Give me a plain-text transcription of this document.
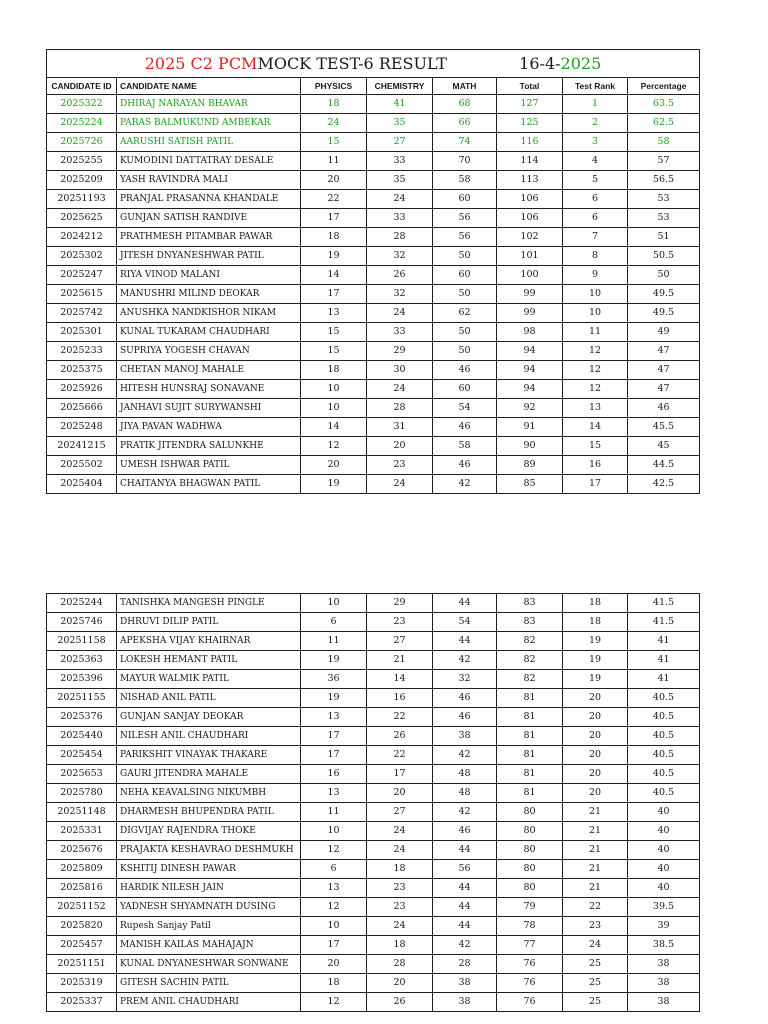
2025 C2 PCMMOCK TEST-6 RESULT 16-4-2025							
CANDIDATE ID	CANDIDATE NAME	PHYSICS	CHEMISTRY	MATH	Total	Test Rank	Percentage
2025322	DHIRAJ NARAYAN BHAVAR	18	41	68	127	1	63.5
2025224	PARAS BALMUKUND AMBEKAR	24	35	66	125	2	62.5
2025726	AARUSHI SATISH PATIL	15	27	74	116	3	58
2025255	KUMODINI DATTATRAY DESALE	11	33	70	114	4	57
2025209	YASH RAVINDRA MALI	20	35	58	113	5	56.5
20251193	PRANJAL PRASANNA KHANDALE	22	24	60	106	6	53
2025625	GUNJAN SATISH RANDIVE	17	33	56	106	6	53
2024212	PRATHMESH PITAMBAR PAWAR	18	28	56	102	7	51
2025302	JITESH DNYANESHWAR PATIL	19	32	50	101	8	50.5
2025247	RIYA VINOD MALANI	14	26	60	100	9	50
2025615	MANUSHRI MILIND DEOKAR	17	32	50	99	10	49.5
2025742	ANUSHKA NANDKISHOR NIKAM	13	24	62	99	10	49.5
2025301	KUNAL TUKARAM CHAUDHARI	15	33	50	98	11	49
2025233	SUPRIYA YOGESH CHAVAN	15	29	50	94	12	47
2025375	CHETAN MANOJ MAHALE	18	30	46	94	12	47
2025926	HITESH HUNSRAJ SONAVANE	10	24	60	94	12	47
2025666	JANHAVI SUJIT SURYWANSHI	10	28	54	92	13	46
2025248	JIYA PAVAN WADHWA	14	31	46	91	14	45.5
20241215	PRATIK JITENDRA SALUNKHE	12	20	58	90	15	45
2025502	UMESH ISHWAR PATIL	20	23	46	89	16	44.5
2025404	CHAITANYA BHAGWAN PATIL	19	24	42	85	17	42.5
2025244	TANISHKA MANGESH PINGLE	10	29	44	83	18	41.5
2025746	DHRUVI DILIP PATIL	6	23	54	83	18	41.5
20251158	APEKSHA VIJAY KHAIRNAR	11	27	44	82	19	41
2025363	LOKESH HEMANT PATIL	19	21	42	82	19	41
2025396	MAYUR WALMIK PATIL	36	14	32	82	19	41
20251155	NISHAD ANIL PATIL	19	16	46	81	20	40.5
2025376	GUNJAN SANJAY DEOKAR	13	22	46	81	20	40.5
2025440	NILESH ANIL CHAUDHARI	17	26	38	81	20	40.5
2025454	PARIKSHIT VINAYAK THAKARE	17	22	42	81	20	40.5
2025653	GAURI JITENDRA MAHALE	16	17	48	81	20	40.5
2025780	NEHA KEAVALSING NIKUMBH	13	20	48	81	20	40.5
20251148	DHARMESH BHUPENDRA PATIL	11	27	42	80	21	40
2025331	DIGVIJAY RAJENDRA THOKE	10	24	46	80	21	40
2025676	PRAJAKTA KESHAVRAO DESHMUKH	12	24	44	80	21	40
2025809	KSHITIJ DINESH PAWAR	6	18	56	80	21	40
2025816	HARDIK NILESH JAIN	13	23	44	80	21	40
20251152	YADNESH SHYAMNATH DUSING	12	23	44	79	22	39.5
2025820	Rupesh Sanjay Patil	10	24	44	78	23	39
2025457	MANISH KAILAS MAHAJAJN	17	18	42	77	24	38.5
20251151	KUNAL DNYANESHWAR SONWANE	20	28	28	76	25	38
2025319	GITESH SACHIN PATIL	18	20	38	76	25	38
2025337	PREM ANIL CHAUDHARI	12	26	38	76	25	38
